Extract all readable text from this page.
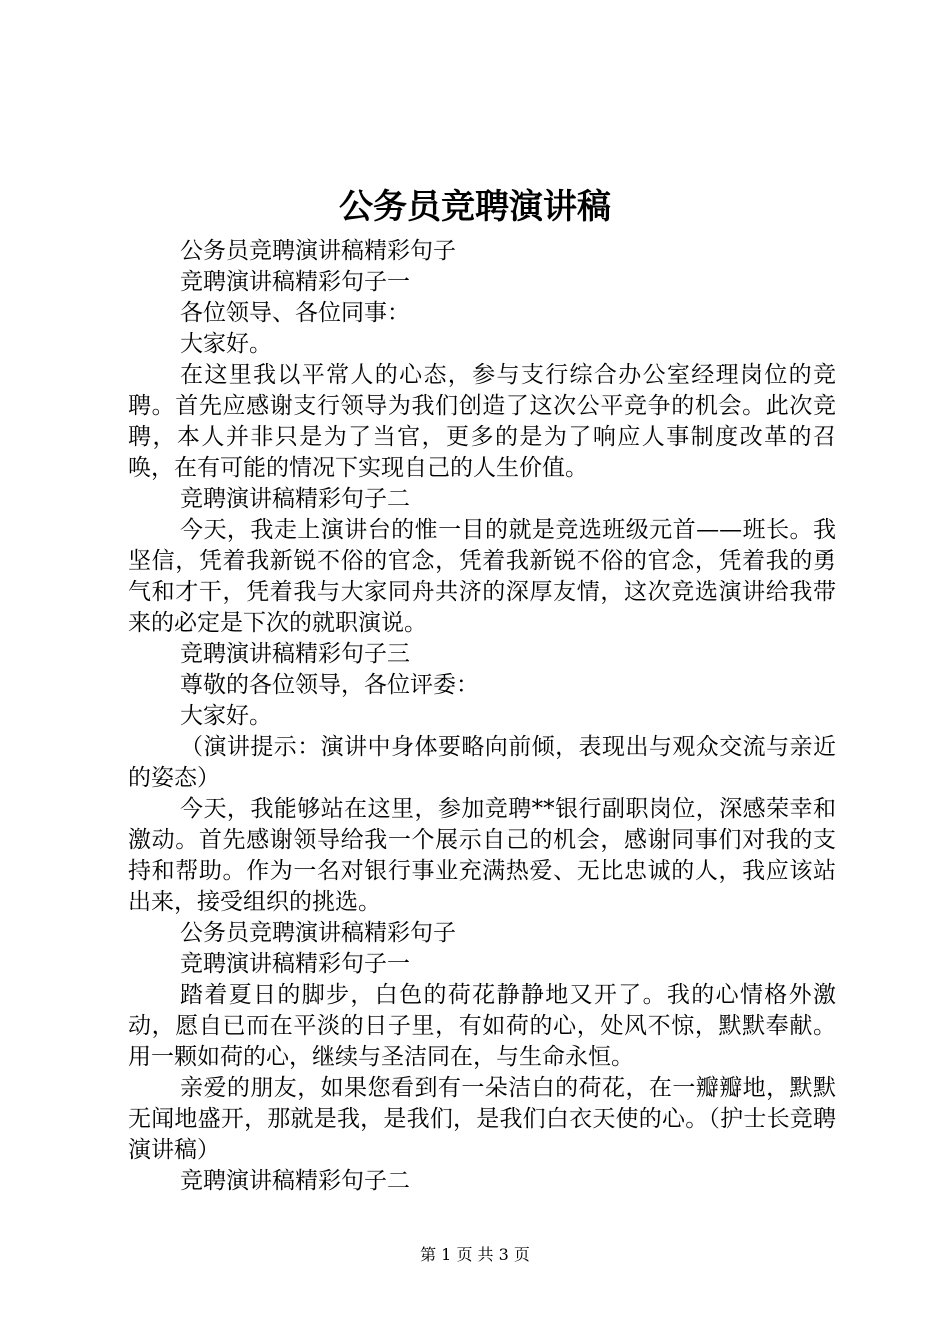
公务员竞聘演讲稿

公务员竞聘演讲稿精彩句子

竞聘演讲稿精彩句子一

各位领导、各位同事：

大家好。

在这里我以平常人的心态，参与支行综合办公室经理岗位的竞聘。首先应感谢支行领导为我们创造了这次公平竞争的机会。此次竞聘，本人并非只是为了当官，更多的是为了响应人事制度改革的召唤，在有可能的情况下实现自己的人生价值。

竞聘演讲稿精彩句子二

今天，我走上演讲台的惟一目的就是竞选班级元首——班长。我坚信，凭着我新锐不俗的官念，凭着我新锐不俗的官念，凭着我的勇气和才干，凭着我与大家同舟共济的深厚友情，这次竞选演讲给我带来的必定是下次的就职演说。

竞聘演讲稿精彩句子三

尊敬的各位领导，各位评委：

大家好。

（演讲提示：演讲中身体要略向前倾，表现出与观众交流与亲近的姿态）

今天，我能够站在这里，参加竞聘**银行副职岗位，深感荣幸和激动。首先感谢领导给我一个展示自己的机会，感谢同事们对我的支持和帮助。作为一名对银行事业充满热爱、无比忠诚的人，我应该站出来，接受组织的挑选。

公务员竞聘演讲稿精彩句子

竞聘演讲稿精彩句子一

踏着夏日的脚步，白色的荷花静静地又开了。我的心情格外激动，愿自已而在平淡的日子里，有如荷的心，处风不惊，默默奉献。用一颗如荷的心，继续与圣洁同在，与生命永恒。

亲爱的朋友，如果您看到有一朵洁白的荷花，在一瓣瓣地，默默无闻地盛开，那就是我，是我们，是我们白衣天使的心。（护士长竞聘演讲稿）

竞聘演讲稿精彩句子二

第 1 页 共 3 页
